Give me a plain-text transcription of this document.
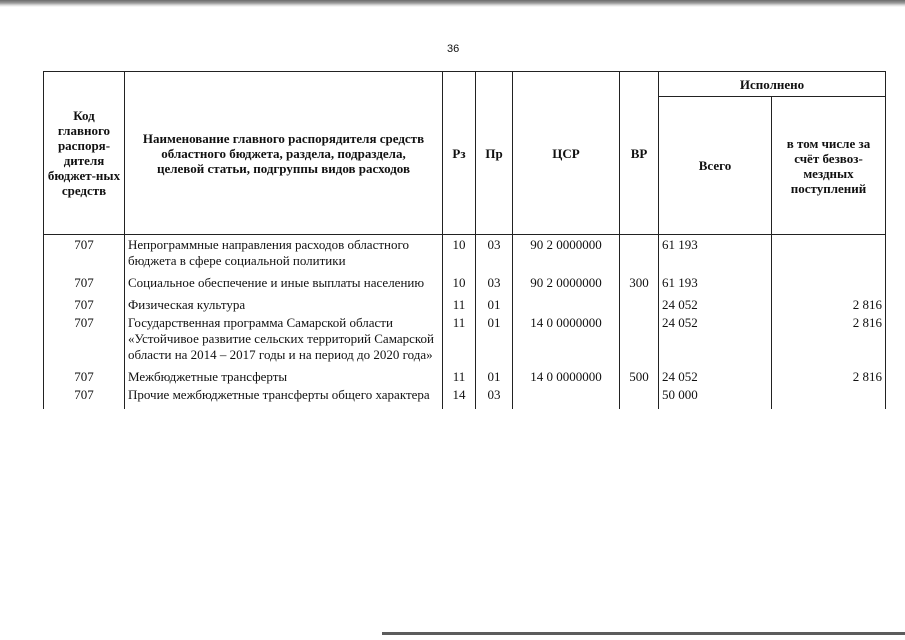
36
Код главного распоря-дителя бюджет-ных средств	Наименование главного распорядителя средств областного бюджета, раздела, подраздела, целевой статьи, подгруппы видов расходов	Рз	Пр	ЦСР	ВР	Исполнено	
						Всего	в том числе за счёт безвоз-мездных поступлений

707	Непрограммные направления расходов областного бюджета в сфере социальной политики	10	03	90 2 0000000		61 193	
707	Социальное обеспечение и иные выплаты населению	10	03	90 2 0000000	300	61 193	
707	Физическая культура	11	01			24 052	2 816
707	Государственная программа Самарской области «Устойчивое развитие сельских территорий Самарской области на 2014 – 2017 годы и на период до 2020 года»	11	01	14 0 0000000		24 052	2 816
707	Межбюджетные трансферты	11	01	14 0 0000000	500	24 052	2 816
707	Прочие межбюджетные трансферты общего характера	14	03			50 000	
